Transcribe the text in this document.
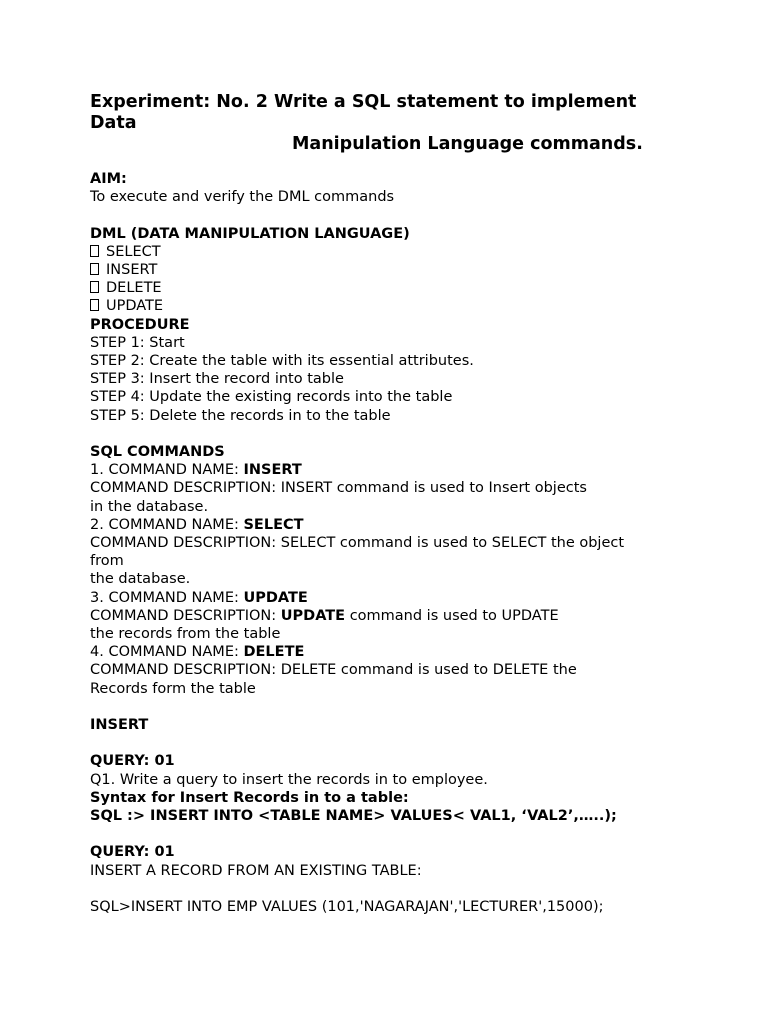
Experiment: No. 2 Write a SQL statement to implement Data
Manipulation Language commands.
AIM:
To execute and verify the DML commands
DML (DATA MANIPULATION LANGUAGE)
SELECT
INSERT
DELETE
UPDATE
PROCEDURE
STEP 1: Start
STEP 2: Create the table with its essential attributes.
STEP 3: Insert the record into table
STEP 4: Update the existing records into the table
STEP 5: Delete the records in to the table
SQL COMMANDS
1. COMMAND NAME: INSERT
COMMAND DESCRIPTION: INSERT command is used to Insert objects
in the database.
2. COMMAND NAME: SELECT
COMMAND DESCRIPTION: SELECT command is used to SELECT the object
from
the database.
3. COMMAND NAME: UPDATE
COMMAND DESCRIPTION: UPDATE command is used to UPDATE
the records from the table
4. COMMAND NAME: DELETE
COMMAND DESCRIPTION: DELETE command is used to DELETE the
Records form the table
INSERT
QUERY: 01
Q1. Write a query to insert the records in to employee.
Syntax for Insert Records in to a table:
SQL :> INSERT INTO <TABLE NAME> VALUES< VAL1, ‘VAL2’,…..);
QUERY: 01
INSERT A RECORD FROM AN EXISTING TABLE:
SQL>INSERT INTO EMP VALUES (101,'NAGARAJAN','LECTURER',15000);
